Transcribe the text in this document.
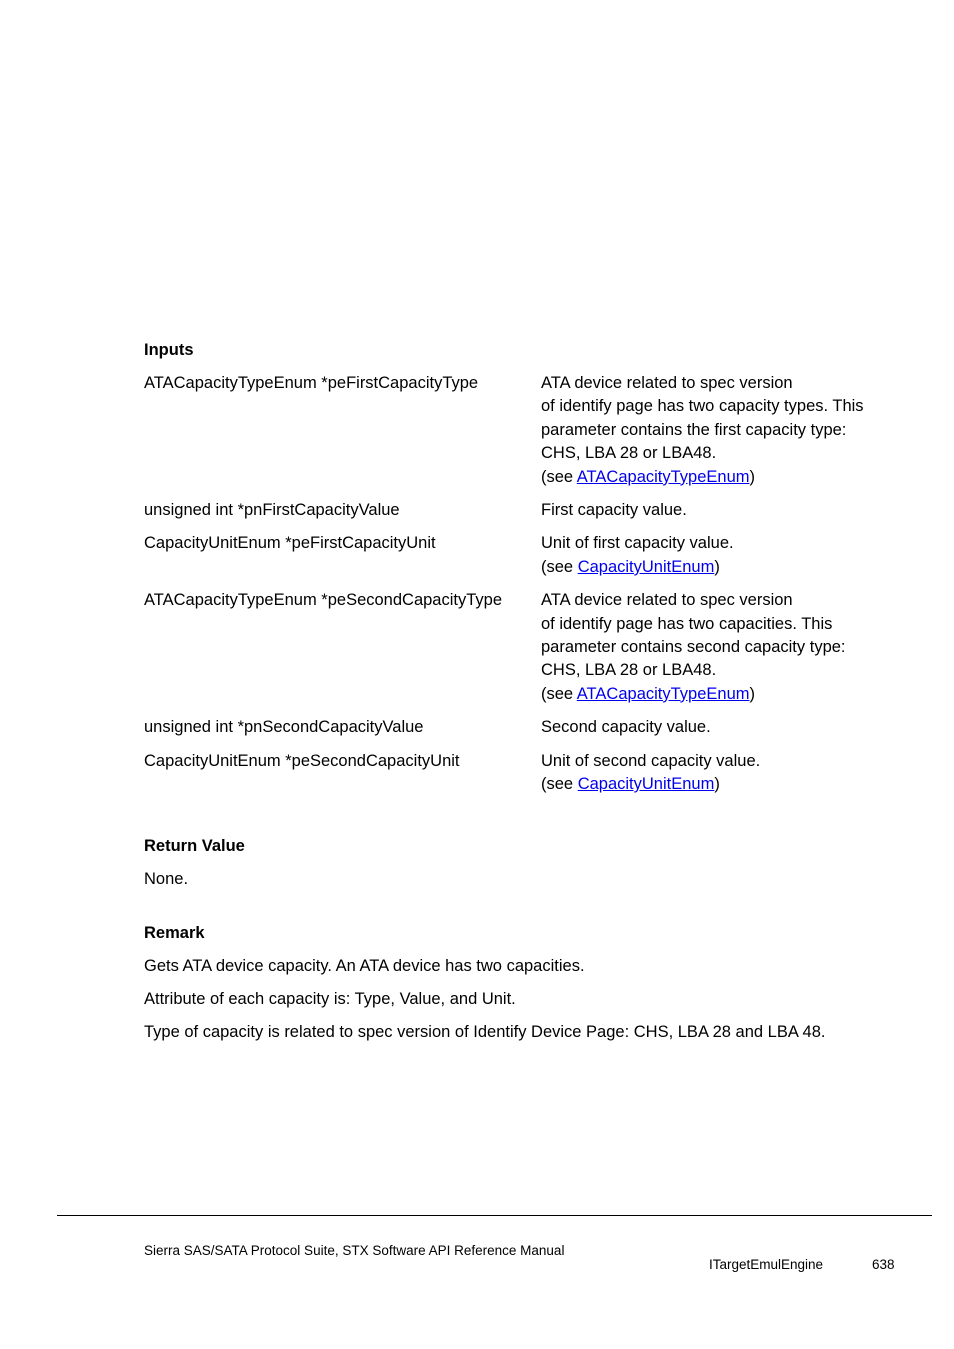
Inputs
ATACapacityTypeEnum *peFirstCapacityType	ATA device related to spec version
of identify page has two capacity types. This
parameter contains the first capacity type:
CHS, LBA 28 or LBA48.
(see ATACapacityTypeEnum)

unsigned int *pnFirstCapacityValue	First capacity value.

CapacityUnitEnum *peFirstCapacityUnit	Unit of first capacity value.
(see CapacityUnitEnum)

ATACapacityTypeEnum *peSecondCapacityType	ATA device related to spec version
of identify page has two capacities. This
parameter contains second capacity type:
CHS, LBA 28 or LBA48.
(see ATACapacityTypeEnum)

unsigned int *pnSecondCapacityValue	Second capacity value.

CapacityUnitEnum *peSecondCapacityUnit	Unit of second capacity value.
(see CapacityUnitEnum)
Return Value
None.
Remark
Gets ATA device capacity. An ATA device has two capacities.
Attribute of each capacity is: Type, Value, and Unit.
Type of capacity is related to spec version of Identify Device Page: CHS, LBA 28 and LBA 48.
Sierra SAS/SATA Protocol Suite, STX Software API Reference Manual
ITargetEmulEngine	638
